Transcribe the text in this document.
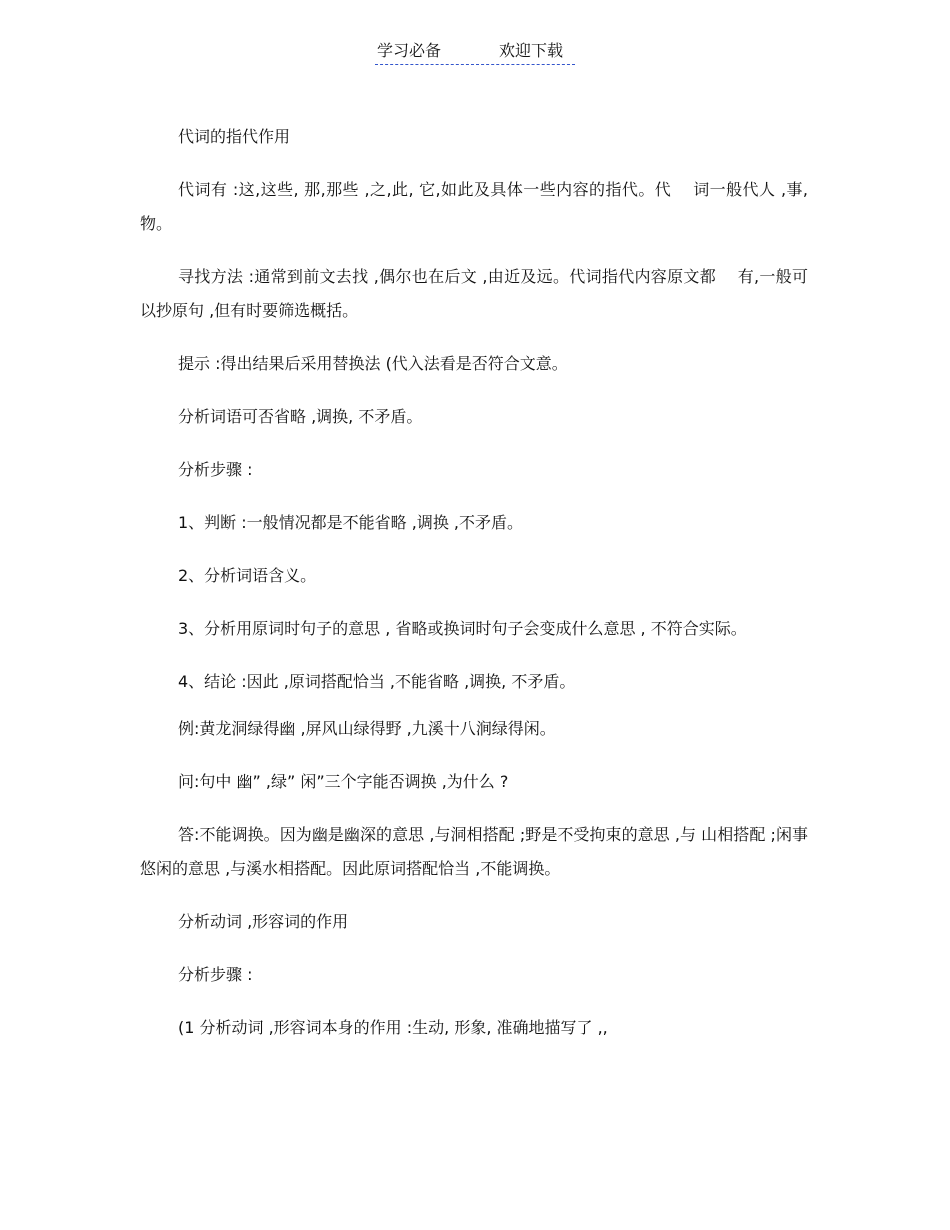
学习必备	欢迎下载

代词的指代作用

代词有 :这,这些, 那,那些 ,之,此, 它,如此及具体一些内容的指代。代　 词一般代人 ,事,物。

寻找方法 :通常到前文去找 ,偶尔也在后文 ,由近及远。代词指代内容原文都　 有,一般可以抄原句 ,但有时要筛选概括。

提示 :得出结果后采用替换法 (代入法看是否符合文意。

分析词语可否省略 ,调换, 不矛盾。

分析步骤 :

1、判断 :一般情况都是不能省略 ,调换 ,不矛盾。

2、分析词语含义。

3、分析用原词时句子的意思 , 省略或换词时句子会变成什么意思 , 不符合实际。

4、结论 :因此 ,原词搭配恰当 ,不能省略 ,调换, 不矛盾。

例:黄龙洞绿得幽 ,屏风山绿得野 ,九溪十八涧绿得闲。

问:句中 幽” ,绿” 闲”三个字能否调换 ,为什么 ?

答:不能调换。因为幽是幽深的意思 ,与洞相搭配 ;野是不受拘束的意思 ,与 山相搭配 ;闲事悠闲的意思 ,与溪水相搭配。因此原词搭配恰当 ,不能调换。

分析动词 ,形容词的作用

分析步骤 :

(1 分析动词 ,形容词本身的作用 :生动, 形象, 准确地描写了 ,,
